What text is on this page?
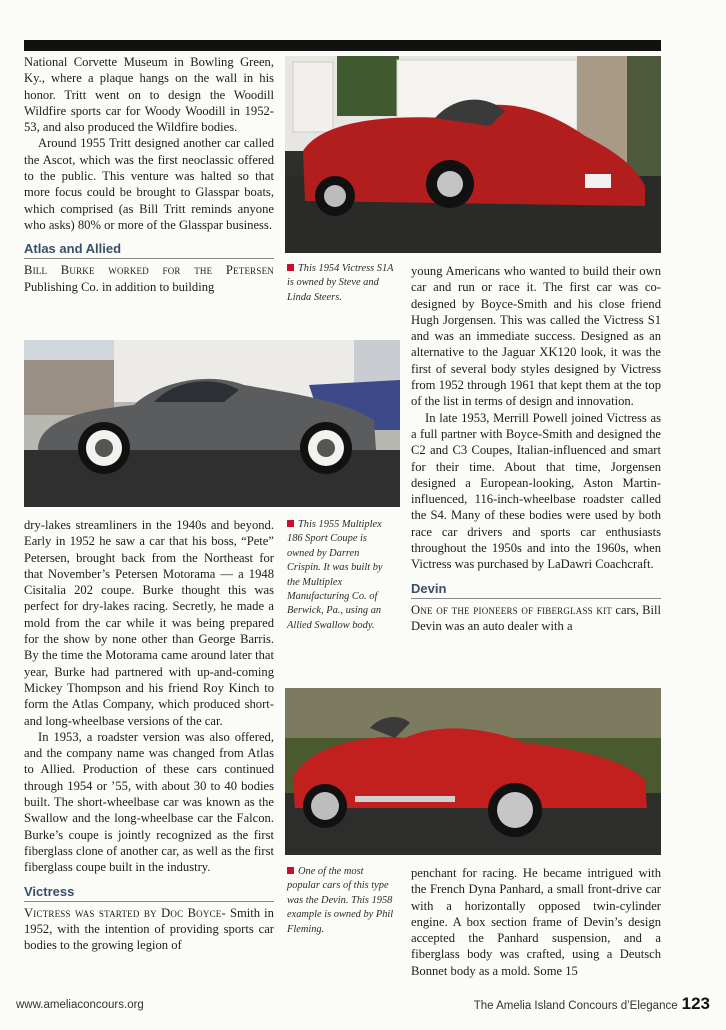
National Corvette Museum in Bowling Green, Ky., where a plaque hangs on the wall in his honor. Tritt went on to design the Woodill Wildfire sports car for Woody Woodill in 1952-53, and also produced the Wildfire bodies.

Around 1955 Tritt designed another car called the Ascot, which was the first neoclassic offered to the public. This venture was halted so that more focus could be brought to Glasspar boats, which comprised (as Bill Tritt reminds anyone who asks) 80% or more of the Glasspar business.

Atlas and Allied

Bill Burke worked for the Petersen Publishing Co. in addition to building

This 1954 Victress S1A is owned by Steve and Linda Steers.

young Americans who wanted to build their own car and run or race it. The first car was co-designed by Boyce-Smith and his close friend Hugh Jorgensen. This was called the Victress S1 and was an immediate success. Designed as an alternative to the Jaguar XK120 look, it was the first of several body styles designed by Victress from 1952 through 1961 that kept them at the top of the list in terms of design and innovation.

In late 1953, Merrill Powell joined Victress as a full partner with Boyce-Smith and designed the C2 and C3 Coupes, Italian-influenced and smart for their time. About that time, Jorgensen designed a European-looking, Aston Martin-influenced, 116-inch-wheelbase roadster called the S4. Many of these bodies were used by both race car drivers and sports car enthusiasts throughout the 1950s and into the 1960s, when Victress was purchased by LaDawri Coachcraft.

Devin

One of the pioneers of fiberglass kit cars, Bill Devin was an auto dealer with a

dry-lakes streamliners in the 1940s and beyond. Early in 1952 he saw a car that his boss, “Pete” Petersen, brought back from the Northeast for that November’s Petersen Motorama — a 1948 Cisitalia 202 coupe. Burke thought this was perfect for dry-lakes racing. Secretly, he made a mold from the car while it was being prepared for the show by none other than George Barris. By the time the Motorama came around later that year, Burke had partnered with up-and-coming Mickey Thompson and his friend Roy Kinch to form the Atlas Company, which produced short- and long-wheelbase versions of the car.

In 1953, a roadster version was also offered, and the company name was changed from Atlas to Allied. Production of these cars continued through 1954 or ’55, with about 30 to 40 bodies built. The short-wheelbase car was known as the Swallow and the long-wheelbase car the Falcon. Burke’s coupe is jointly recognized as the first fiberglass clone of another car, as well as the first fiberglass coupe built in the industry.

Victress

Victress was started by Doc Boyce- Smith in 1952, with the intention of providing sports car bodies to the growing legion of

This 1955 Multiplex 186 Sport Coupe is owned by Darren Crispin. It was built by the Multiplex Manufacturing Co. of Berwick, Pa., using an Allied Swallow body.
One of the most popular cars of this type was the Devin. This 1958 example is owned by Phil Fleming.

penchant for racing. He became intrigued with the French Dyna Panhard, a small front-drive car with a horizontally opposed twin-cylinder engine. A box section frame of Devin’s design accepted the Panhard suspension, and a fiberglass body was crafted, using a Deutsch Bonnet body as a mold. Some 15

www.ameliaconcours.org	The Amelia Island Concours d’Elegance 123
